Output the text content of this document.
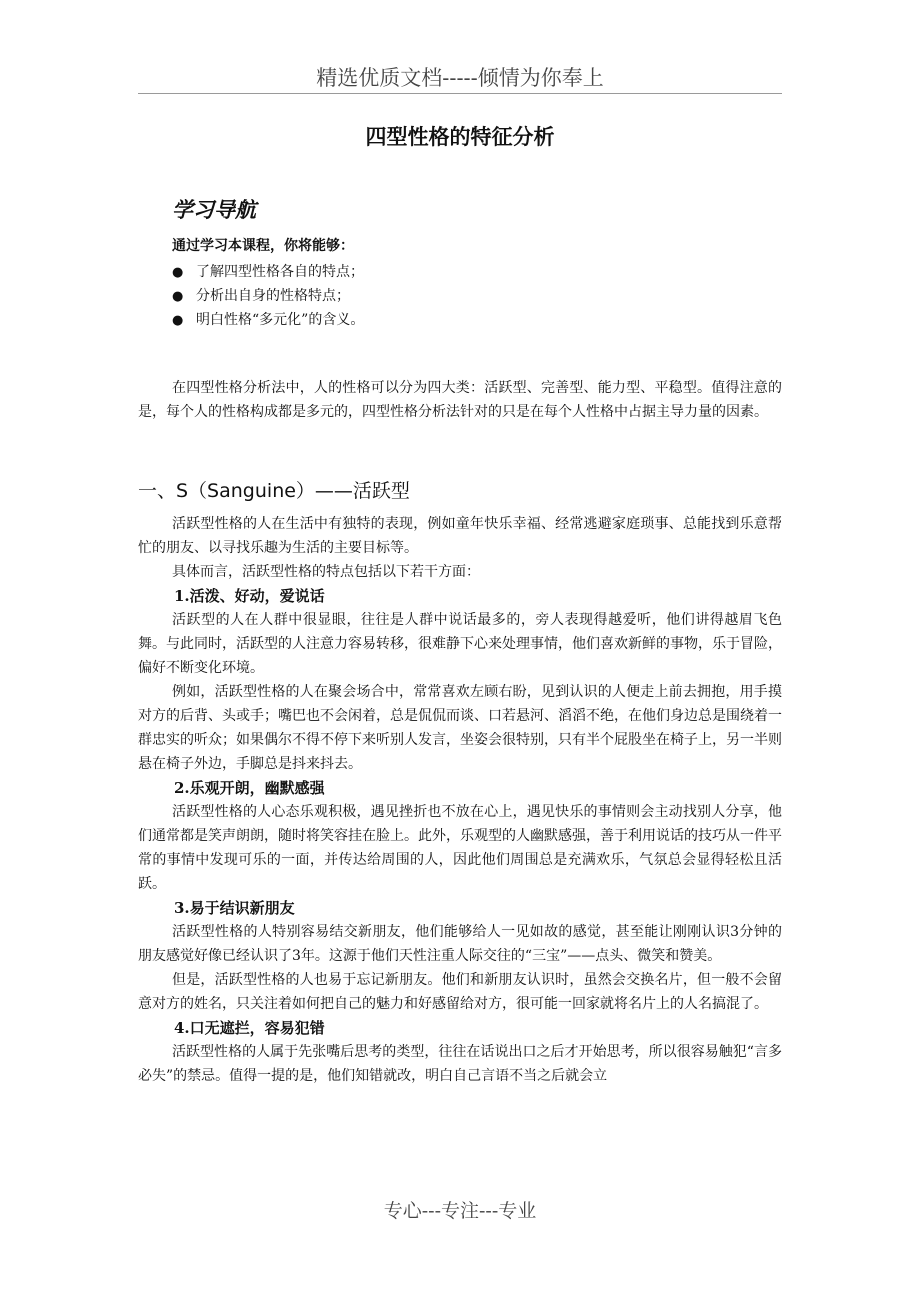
精选优质文档-----倾情为你奉上
四型性格的特征分析
学习导航
通过学习本课程，你将能够：
● 了解四型性格各自的特点；
● 分析出自身的性格特点；
● 明白性格“多元化”的含义。

在四型性格分析法中，人的性格可以分为四大类：活跃型、完善型、能力型、平稳型。值得注意的是，每个人的性格构成都是多元的，四型性格分析法针对的只是在每个人性格中占据主导力量的因素。

一、S（Sanguine）——活跃型

活跃型性格的人在生活中有独特的表现，例如童年快乐幸福、经常逃避家庭琐事、总能找到乐意帮忙的朋友、以寻找乐趣为生活的主要目标等。

具体而言，活跃型性格的特点包括以下若干方面：

1.活泼、好动，爱说话

活跃型的人在人群中很显眼，往往是人群中说话最多的，旁人表现得越爱听，他们讲得越眉飞色舞。与此同时，活跃型的人注意力容易转移，很难静下心来处理事情，他们喜欢新鲜的事物，乐于冒险，偏好不断变化环境。

例如，活跃型性格的人在聚会场合中，常常喜欢左顾右盼，见到认识的人便走上前去拥抱，用手摸对方的后背、头或手；嘴巴也不会闲着，总是侃侃而谈、口若悬河、滔滔不绝，在他们身边总是围绕着一群忠实的听众；如果偶尔不得不停下来听别人发言，坐姿会很特别，只有半个屁股坐在椅子上，另一半则悬在椅子外边，手脚总是抖来抖去。

2.乐观开朗，幽默感强

活跃型性格的人心态乐观积极，遇见挫折也不放在心上，遇见快乐的事情则会主动找别人分享，他们通常都是笑声朗朗，随时将笑容挂在脸上。此外，乐观型的人幽默感强，善于利用说话的技巧从一件平常的事情中发现可乐的一面，并传达给周围的人，因此他们周围总是充满欢乐，气氛总会显得轻松且活跃。

3.易于结识新朋友

活跃型性格的人特别容易结交新朋友，他们能够给人一见如故的感觉，甚至能让刚刚认识3分钟的朋友感觉好像已经认识了3年。这源于他们天性注重人际交往的“三宝”——点头、微笑和赞美。

但是，活跃型性格的人也易于忘记新朋友。他们和新朋友认识时，虽然会交换名片，但一般不会留意对方的姓名，只关注着如何把自己的魅力和好感留给对方，很可能一回家就将名片上的人名搞混了。

4.口无遮拦，容易犯错

活跃型性格的人属于先张嘴后思考的类型，往往在话说出口之后才开始思考，所以很容易触犯“言多必失”的禁忌。值得一提的是，他们知错就改，明白自己言语不当之后就会立

专心---专注---专业
